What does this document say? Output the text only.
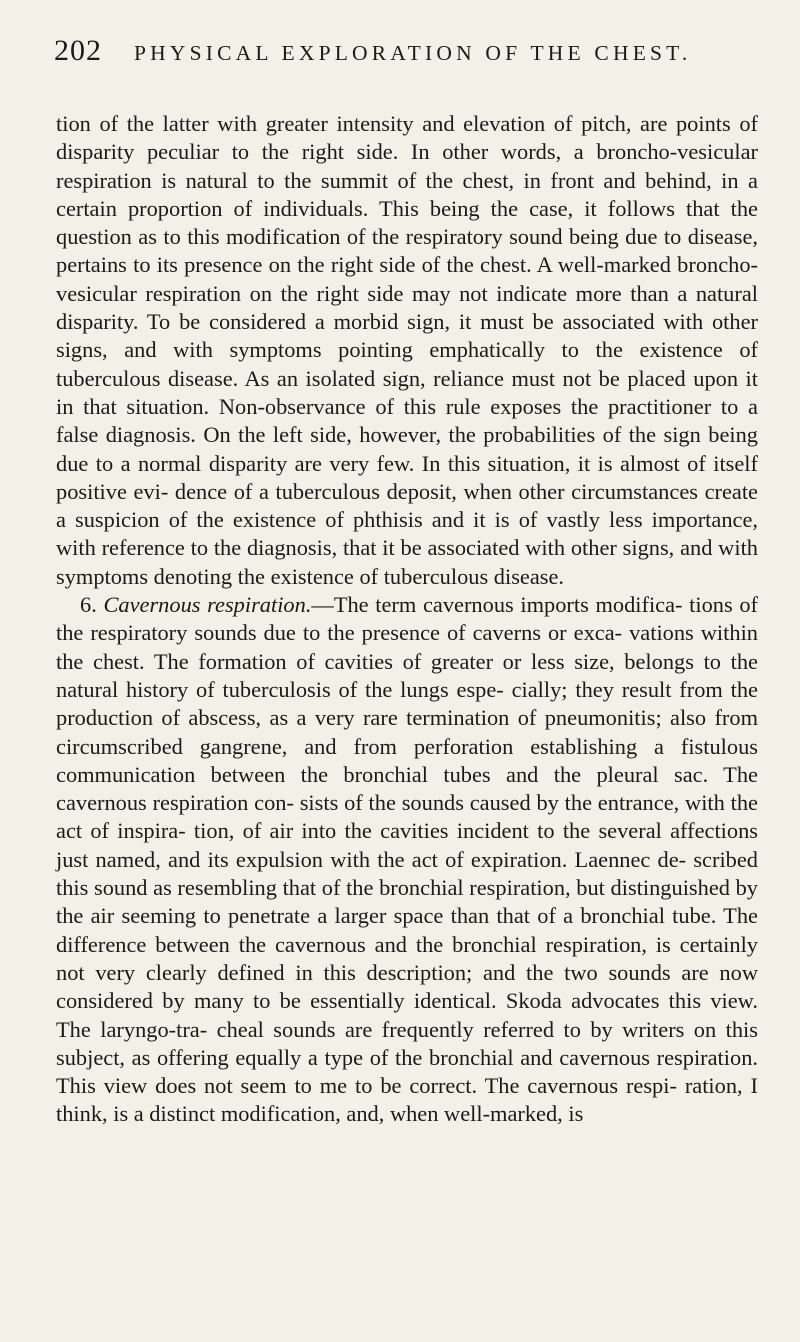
202	PHYSICAL EXPLORATION OF THE CHEST.

tion of the latter with greater intensity and elevation of pitch, are points of disparity peculiar to the right side. In other words, a broncho-vesicular respiration is natural to the summit of the chest, in front and behind, in a certain proportion of individuals. This being the case, it follows that the question as to this modification of the respiratory sound being due to disease, pertains to its presence on the right side of the chest. A well-marked broncho-vesicular respiration on the right side may not indicate more than a natural disparity. To be considered a morbid sign, it must be associated with other signs, and with symptoms pointing emphatically to the existence of tuberculous disease. As an isolated sign, reliance must not be placed upon it in that situation. Non-observance of this rule exposes the practitioner to a false diagnosis. On the left side, however, the probabilities of the sign being due to a normal disparity are very few. In this situation, it is almost of itself positive evi- dence of a tuberculous deposit, when other circumstances create a suspicion of the existence of phthisis and it is of vastly less importance, with reference to the diagnosis, that it be associated with other signs, and with symptoms denoting the existence of tuberculous disease.

6. Cavernous respiration.—The term cavernous imports modifica- tions of the respiratory sounds due to the presence of caverns or exca- vations within the chest. The formation of cavities of greater or less size, belongs to the natural history of tuberculosis of the lungs espe- cially; they result from the production of abscess, as a very rare termination of pneumonitis; also from circumscribed gangrene, and from perforation establishing a fistulous communication between the bronchial tubes and the pleural sac. The cavernous respiration con- sists of the sounds caused by the entrance, with the act of inspira- tion, of air into the cavities incident to the several affections just named, and its expulsion with the act of expiration. Laennec de- scribed this sound as resembling that of the bronchial respiration, but distinguished by the air seeming to penetrate a larger space than that of a bronchial tube. The difference between the cavernous and the bronchial respiration, is certainly not very clearly defined in this description; and the two sounds are now considered by many to be essentially identical. Skoda advocates this view. The laryngo-tra- cheal sounds are frequently referred to by writers on this subject, as offering equally a type of the bronchial and cavernous respiration. This view does not seem to me to be correct. The cavernous respi- ration, I think, is a distinct modification, and, when well-marked, is
